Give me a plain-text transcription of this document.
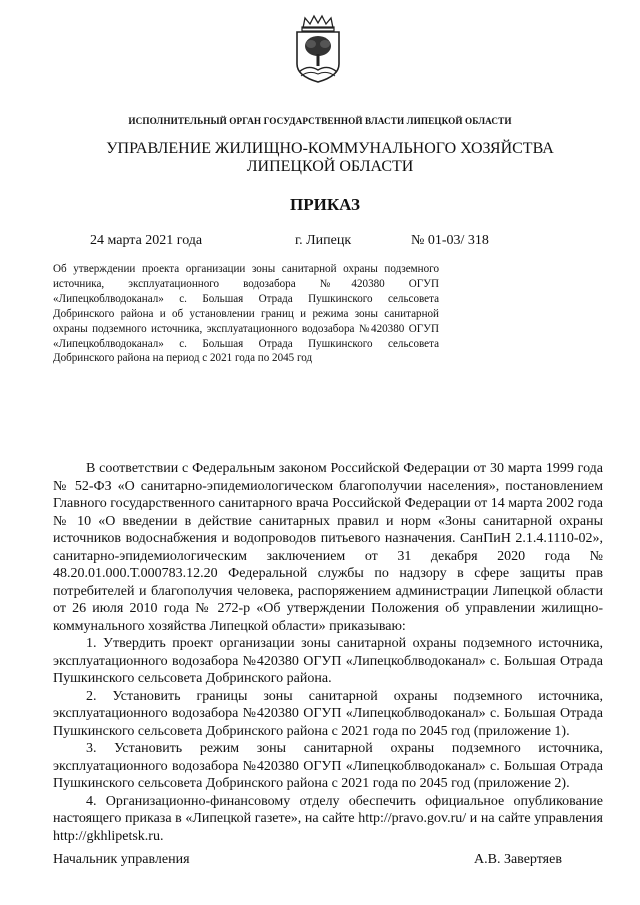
ИСПОЛНИТЕЛЬНЫЙ ОРГАН ГОСУДАРСТВЕННОЙ ВЛАСТИ ЛИПЕЦКОЙ ОБЛАСТИ
УПРАВЛЕНИЕ ЖИЛИЩНО-КОММУНАЛЬНОГО ХОЗЯЙСТВА
ЛИПЕЦКОЙ ОБЛАСТИ
ПРИКАЗ
24 марта 2021 года	г. Липецк	№ 01-03/ 318
Об утверждении проекта организации зоны санитарной охраны подземного источника, эксплуатационного водозабора №420380 ОГУП «Липецкоблводоканал» с. Большая Отрада Пушкинского сельсовета Добринского района и об установлении границ и режима зоны санитарной охраны подземного источника, эксплуатационного водозабора №420380 ОГУП «Липецкоблводоканал» с. Большая Отрада Пушкинского сельсовета Добринского района на период с 2021 года по 2045 год

В соответствии с Федеральным законом Российской Федерации от 30 марта 1999 года № 52-ФЗ «О санитарно-эпидемиологическом благополучии населения», постановлением Главного государственного санитарного врача Российской Федерации от 14 марта 2002 года № 10 «О введении в действие санитарных правил и норм «Зоны санитарной охраны источников водоснабжения и водопроводов питьевого назначения. СанПиН 2.1.4.1110-02», санитарно-эпидемиологическим заключением от 31 декабря 2020 года № 48.20.01.000.Т.000783.12.20 Федеральной службы по надзору в сфере защиты прав потребителей и благополучия человека, распоряжением администрации Липецкой области от 26 июля 2010 года № 272-р «Об утверждении Положения об управлении жилищно-коммунального хозяйства Липецкой области» приказываю:

1. Утвердить проект организации зоны санитарной охраны подземного источника, эксплуатационного водозабора №420380 ОГУП «Липецкоблводоканал» с. Большая Отрада Пушкинского сельсовета Добринского района.

2. Установить границы зоны санитарной охраны подземного источника, эксплуатационного водозабора №420380 ОГУП «Липецкоблводоканал» с. Большая Отрада Пушкинского сельсовета Добринского района с 2021 года по 2045 год (приложение 1).

3. Установить режим зоны санитарной охраны подземного источника, эксплуатационного водозабора №420380 ОГУП «Липецкоблводоканал» с. Большая Отрада Пушкинского сельсовета Добринского района с 2021 года по 2045 год (приложение 2).

4. Организационно-финансовому отделу обеспечить официальное опубликование настоящего приказа в «Липецкой газете», на сайте http://pravo.gov.ru/ и на сайте управления http://gkhlipetsk.ru.

Начальник управления	А.В. Завертяев
